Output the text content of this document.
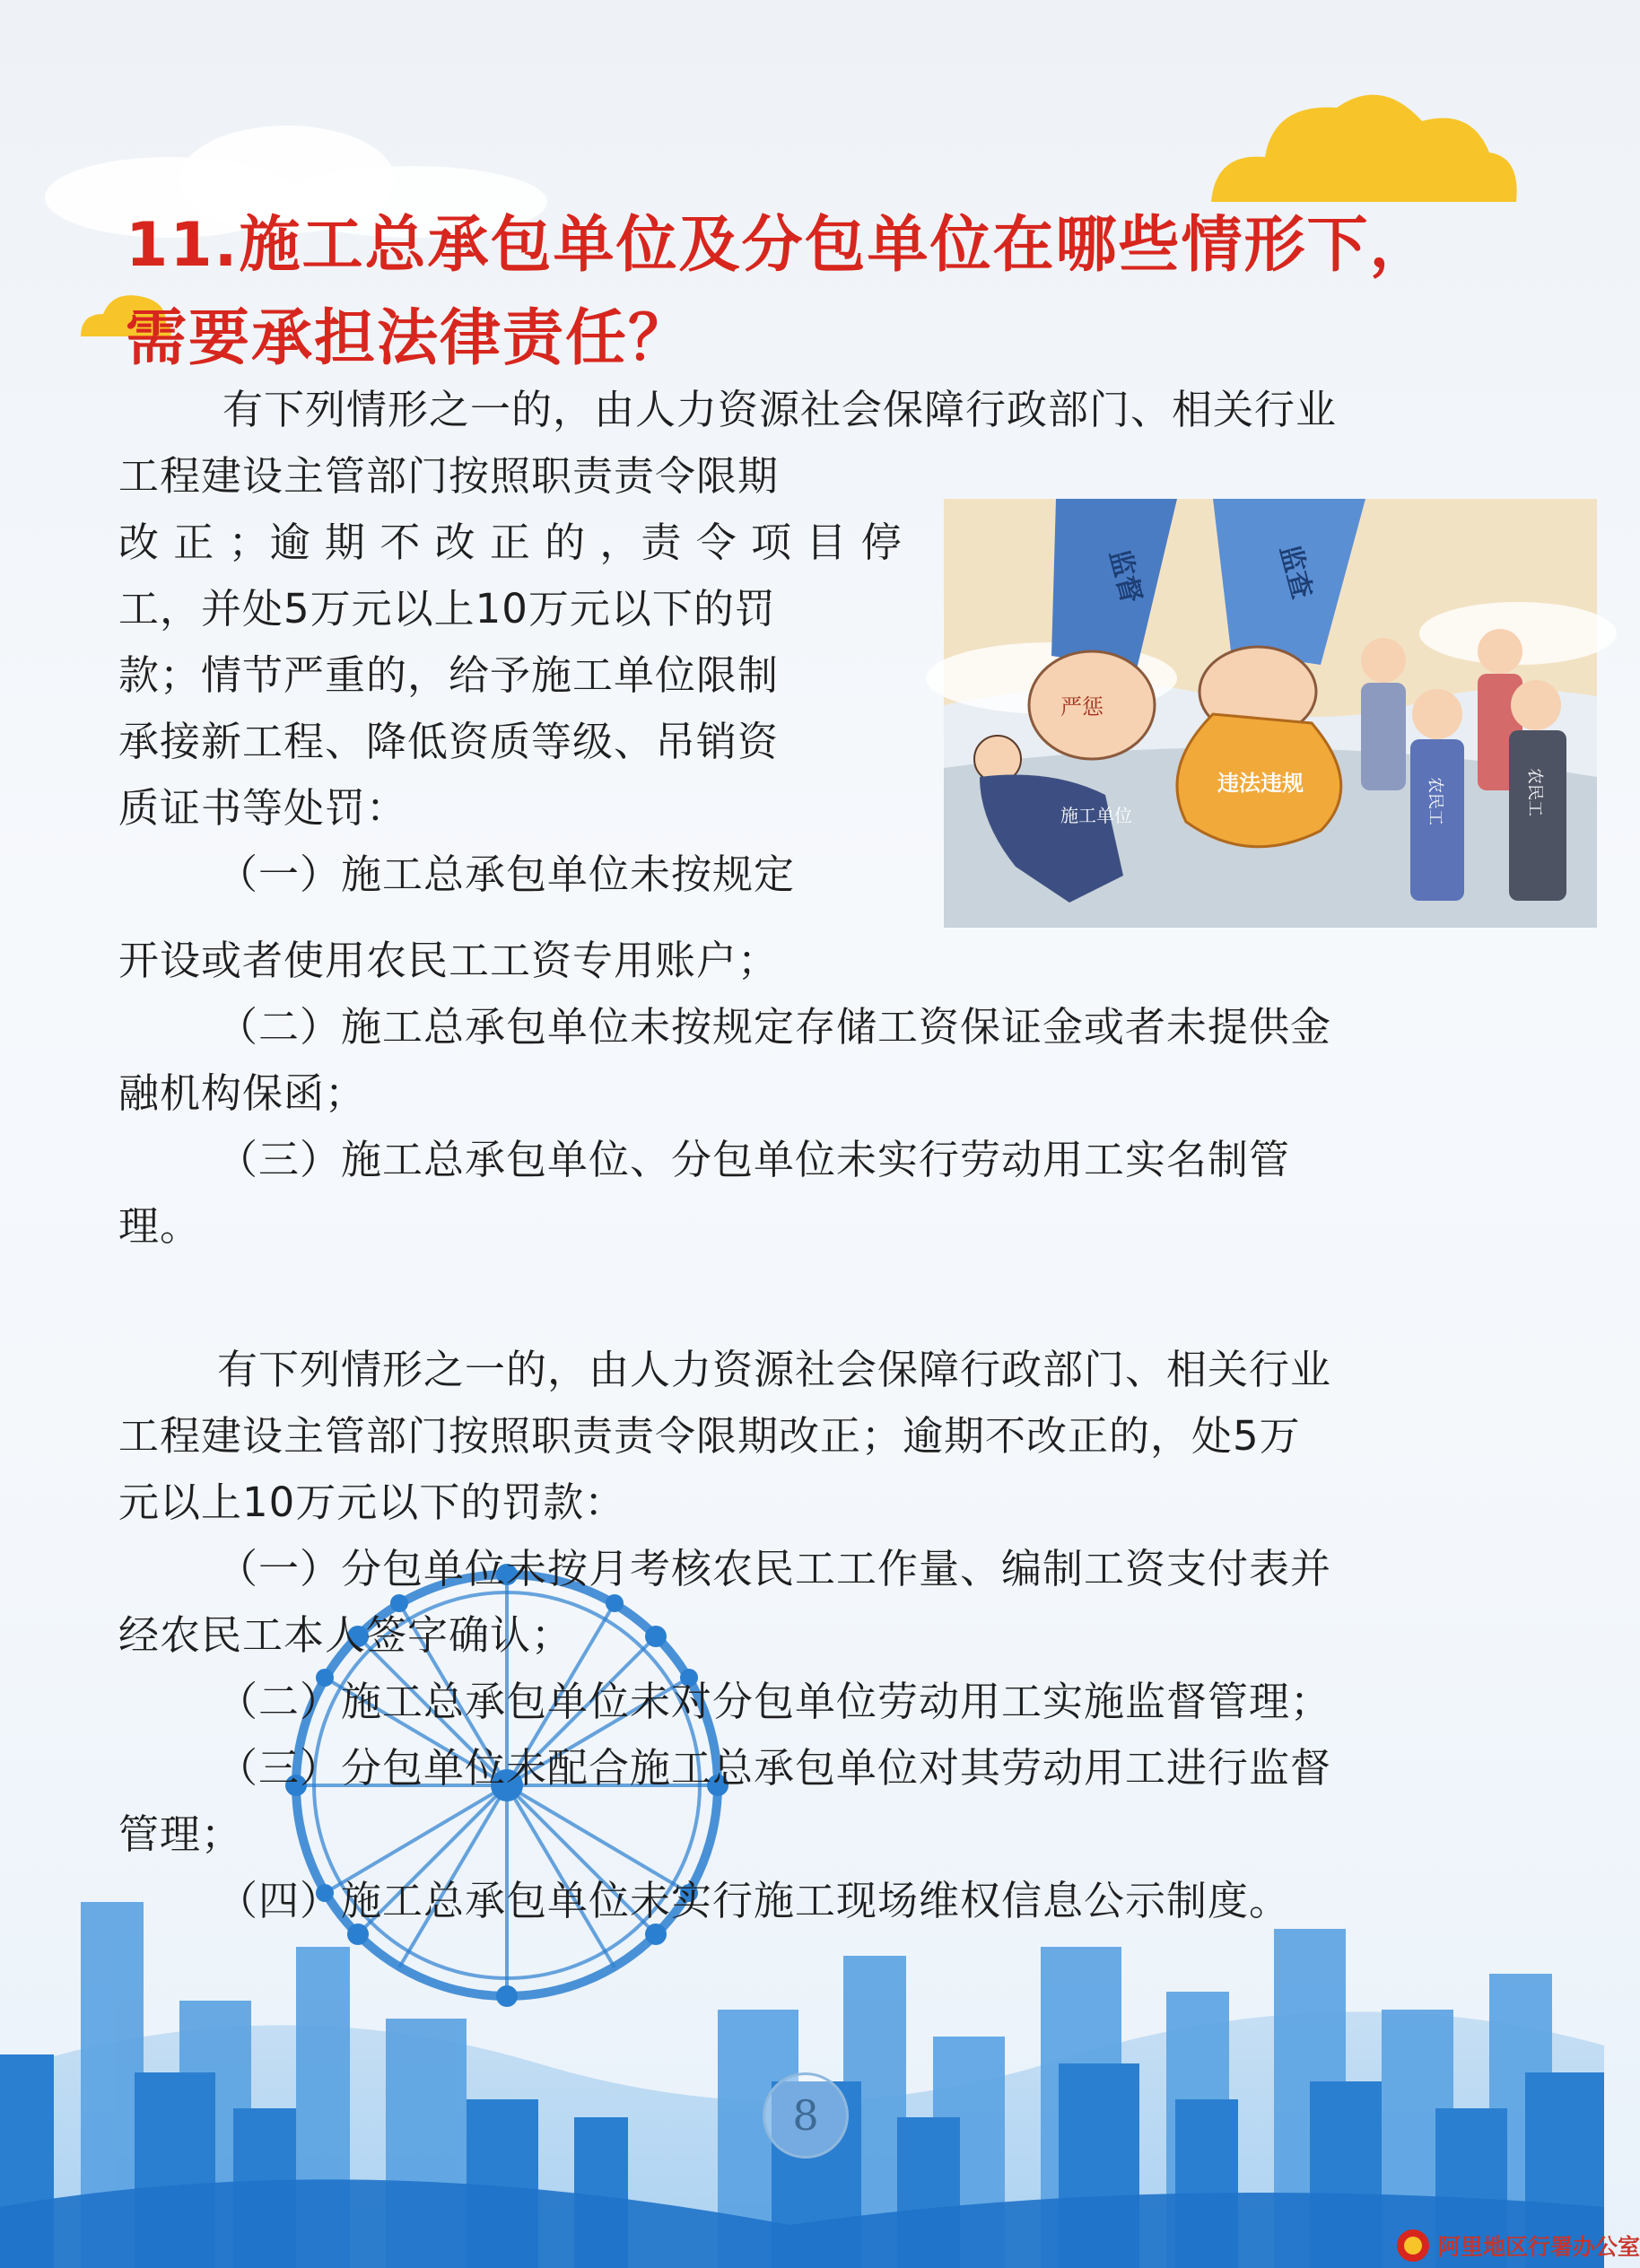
11.施工总承包单位及分包单位在哪些情形下，
需要承担法律责任？
有下列情形之一的，由人力资源社会保障行政部门、相关行业
工程建设主管部门按照职责责令限期
改 正 ；逾 期 不 改 正 的 ，责 令 项 目 停
工，并处5万元以上10万元以下的罚
款；情节严重的，给予施工单位限制
承接新工程、降低资质等级、吊销资
质证书等处罚：
（一）施工总承包单位未按规定
开设或者使用农民工工资专用账户；
（二）施工总承包单位未按规定存储工资保证金或者未提供金
融机构保函；
（三）施工总承包单位、分包单位未实行劳动用工实名制管
理。
监督	监查
严惩
违法违规
施工单位	农民工	农民工
有下列情形之一的，由人力资源社会保障行政部门、相关行业
工程建设主管部门按照职责责令限期改正；逾期不改正的，处5万
元以上10万元以下的罚款：
（一）分包单位未按月考核农民工工作量、编制工资支付表并
经农民工本人签字确认；
（二）施工总承包单位未对分包单位劳动用工实施监督管理；
（三）分包单位未配合施工总承包单位对其劳动用工进行监督
管理；
（四）施工总承包单位未实行施工现场维权信息公示制度。
8
阿里地区行署办公室
